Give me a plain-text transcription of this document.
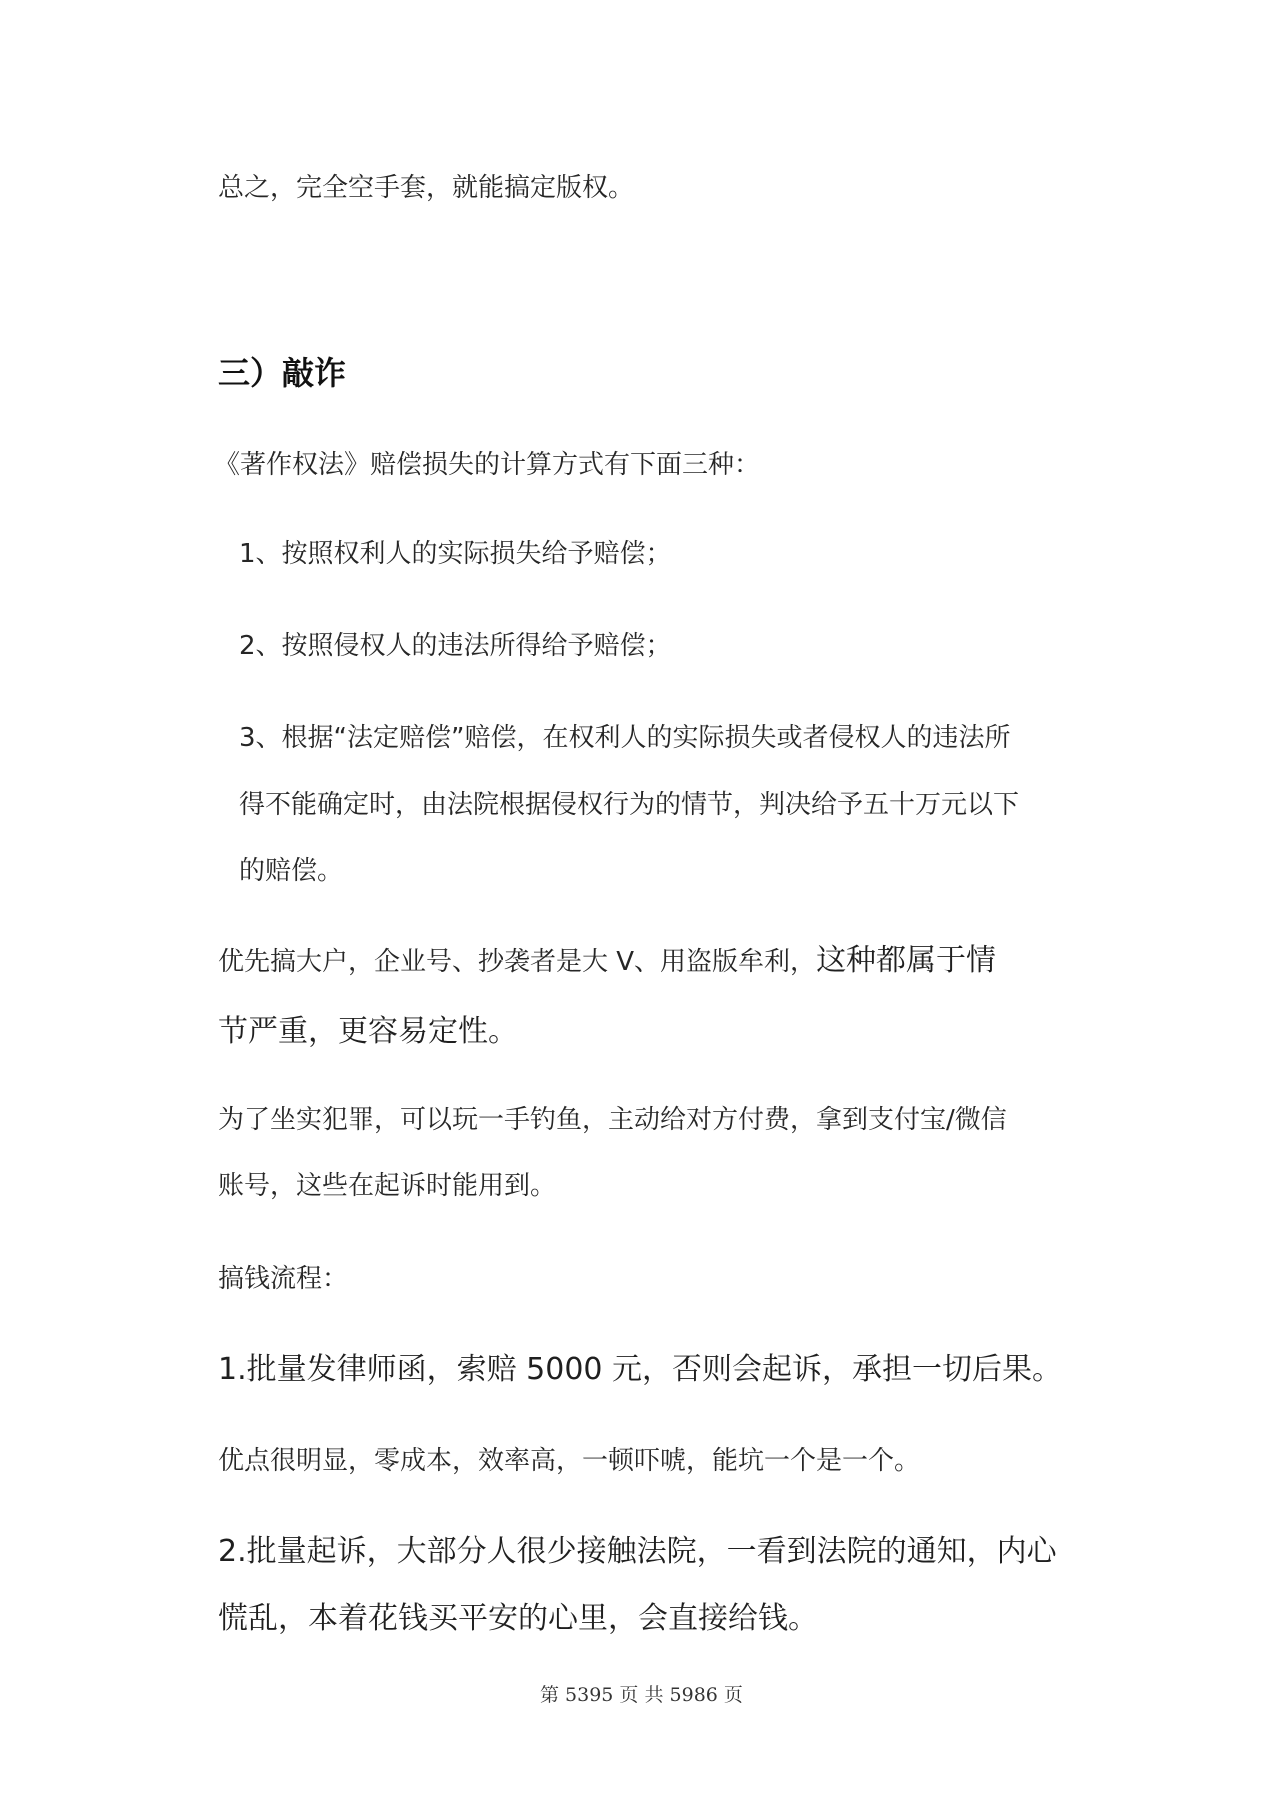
总之，完全空手套，就能搞定版权。

三）敲诈

《著作权法》赔偿损失的计算方式有下面三种：

1、按照权利人的实际损失给予赔偿；

2、按照侵权人的违法所得给予赔偿；

3、根据“法定赔偿”赔偿，在权利人的实际损失或者侵权人的违法所

得不能确定时，由法院根据侵权行为的情节，判决给予五十万元以下

的赔偿。

优先搞大户，企业号、抄袭者是大 V、用盗版牟利，这种都属于情

节严重，更容易定性。

为了坐实犯罪，可以玩一手钓鱼，主动给对方付费，拿到支付宝/微信

账号，这些在起诉时能用到。

搞钱流程：

1.批量发律师函，索赔 5000 元，否则会起诉，承担一切后果。

优点很明显，零成本，效率高，一顿吓唬，能坑一个是一个。

2.批量起诉，大部分人很少接触法院，一看到法院的通知，内心

慌乱，本着花钱买平安的心里，会直接给钱。

第 5395 页 共 5986 页
